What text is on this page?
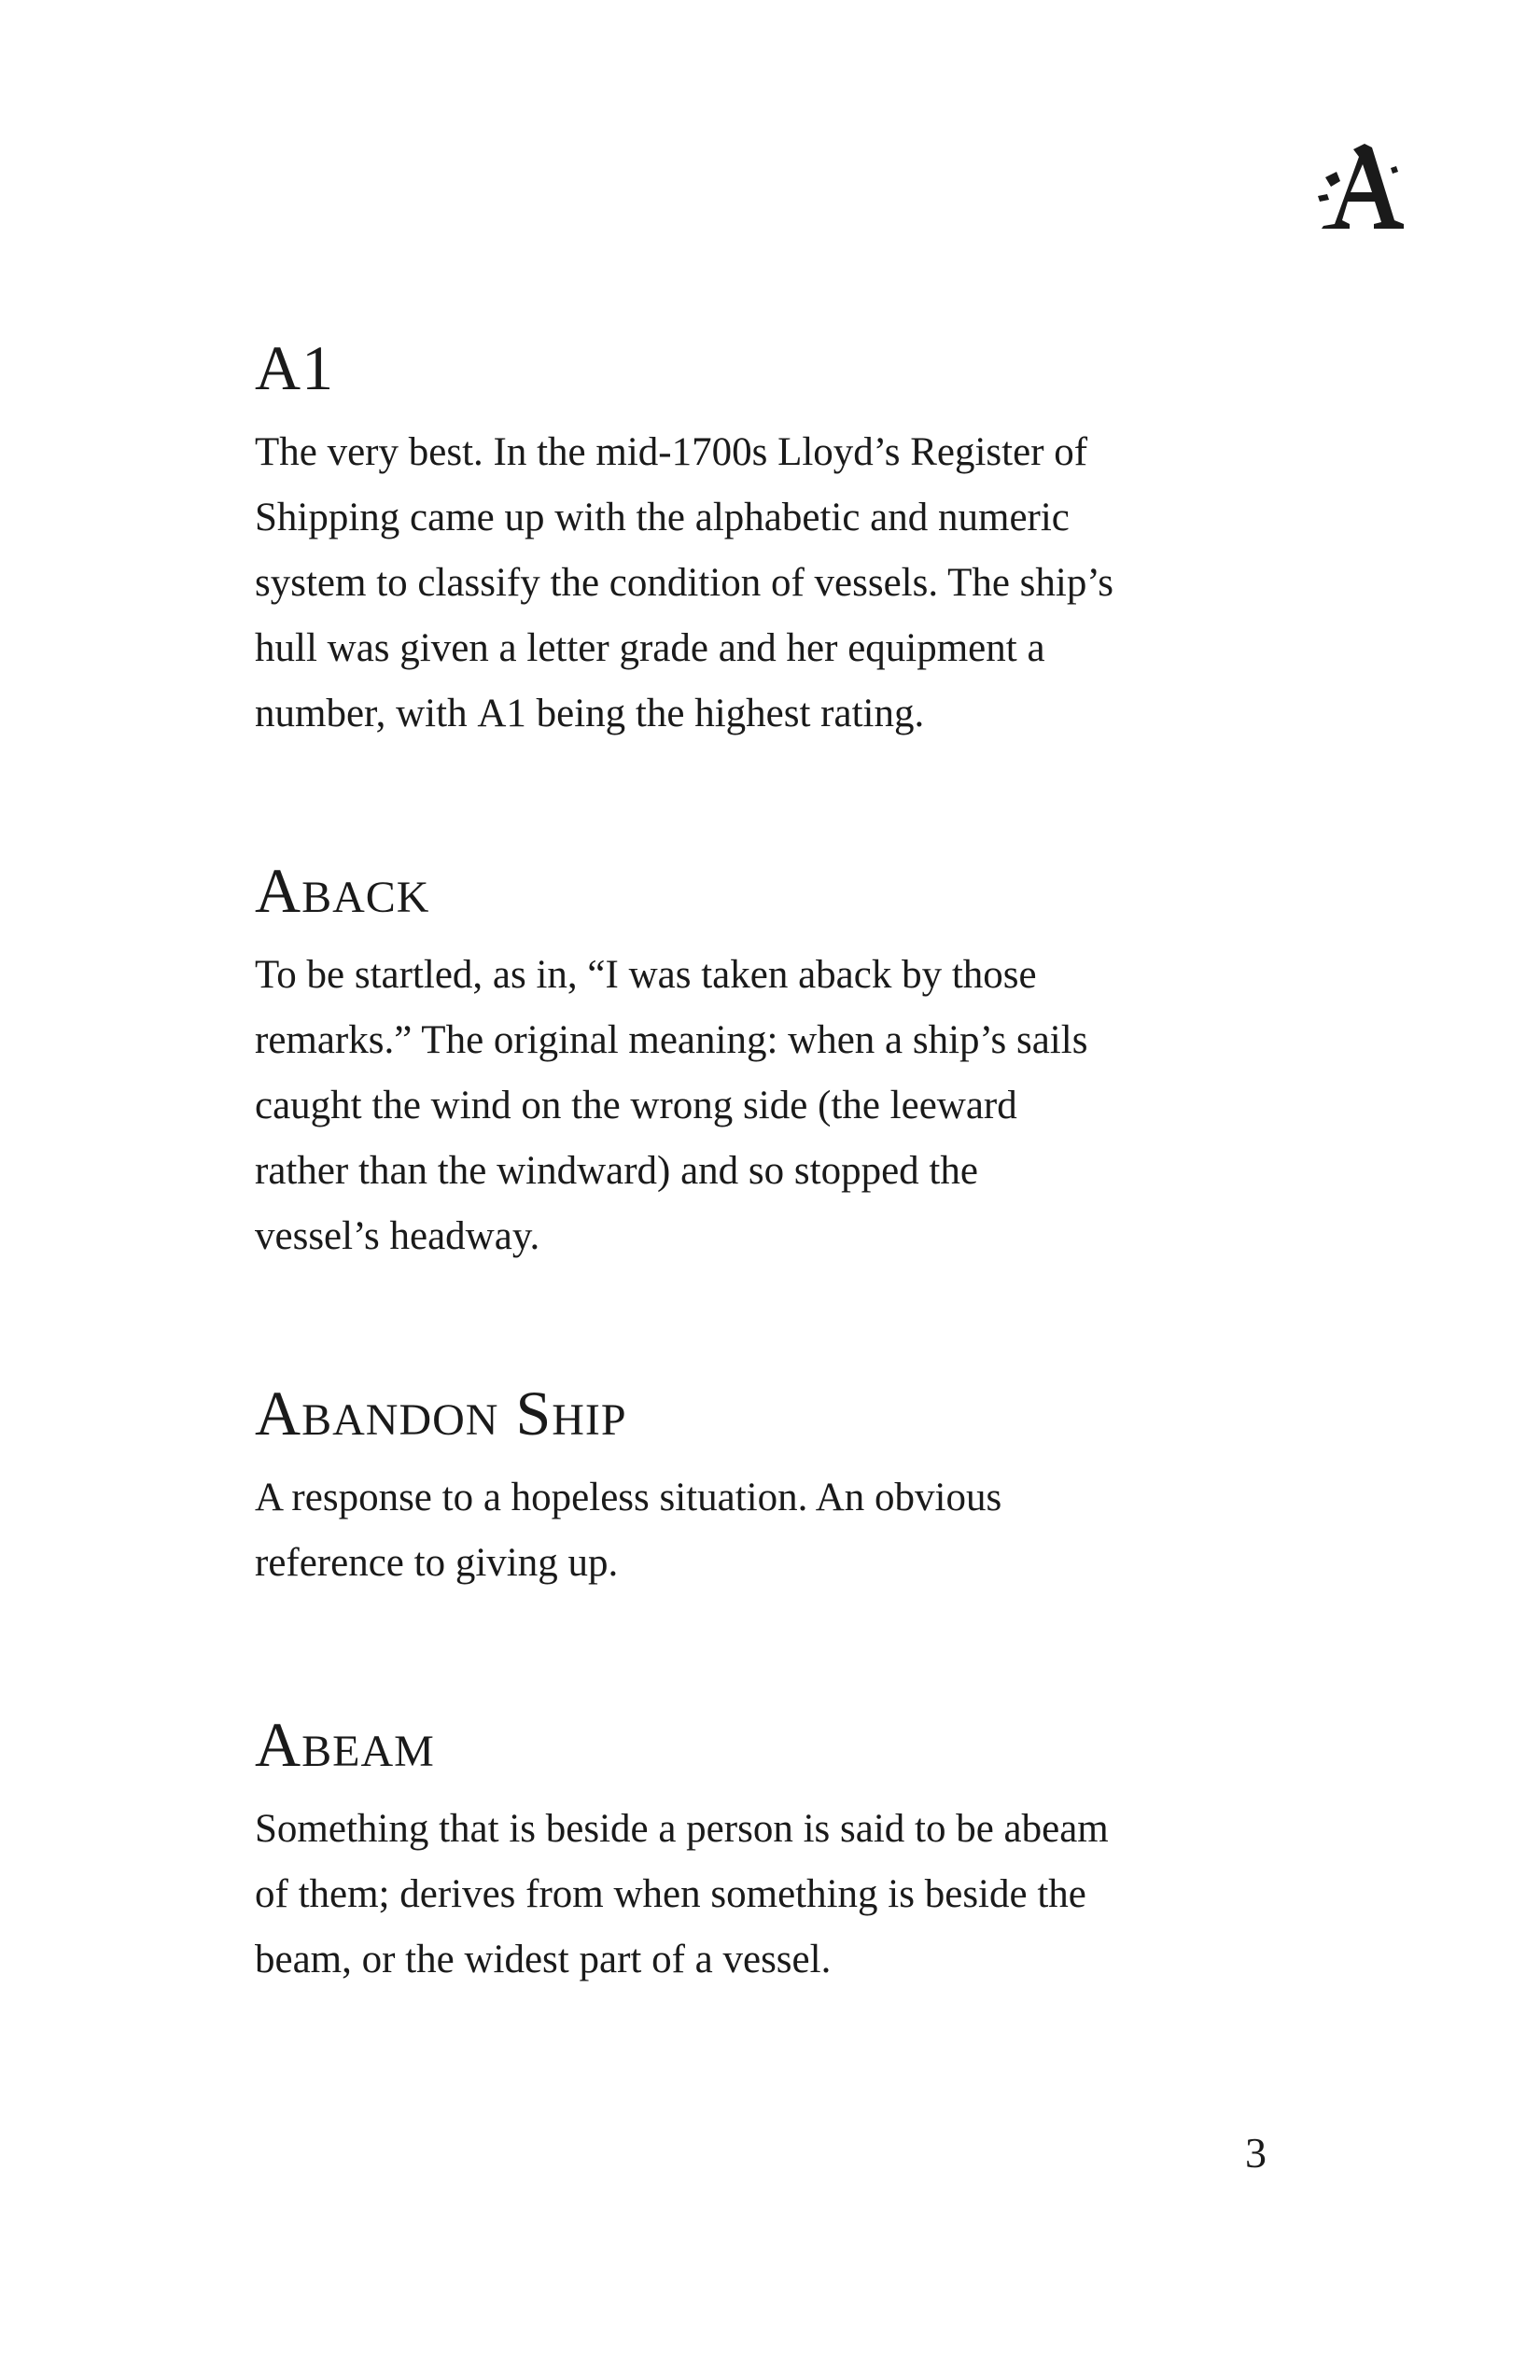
A1

The very best. In the mid-1700s Lloyd’s Register of
Shipping came up with the alphabetic and numeric
system to classify the condition of vessels. The ship’s
hull was given a letter grade and her equipment a
number, with A1 being the highest rating.

Aback

To be startled, as in, “I was taken aback by those
remarks.” The original meaning: when a ship’s sails
caught the wind on the wrong side (the leeward
rather than the windward) and so stopped the
vessel’s headway.

Abandon Ship

A response to a hopeless situation. An obvious
reference to giving up.

Abeam

Something that is beside a person is said to be abeam
of them; derives from when something is beside the
beam, or the widest part of a vessel.

3
